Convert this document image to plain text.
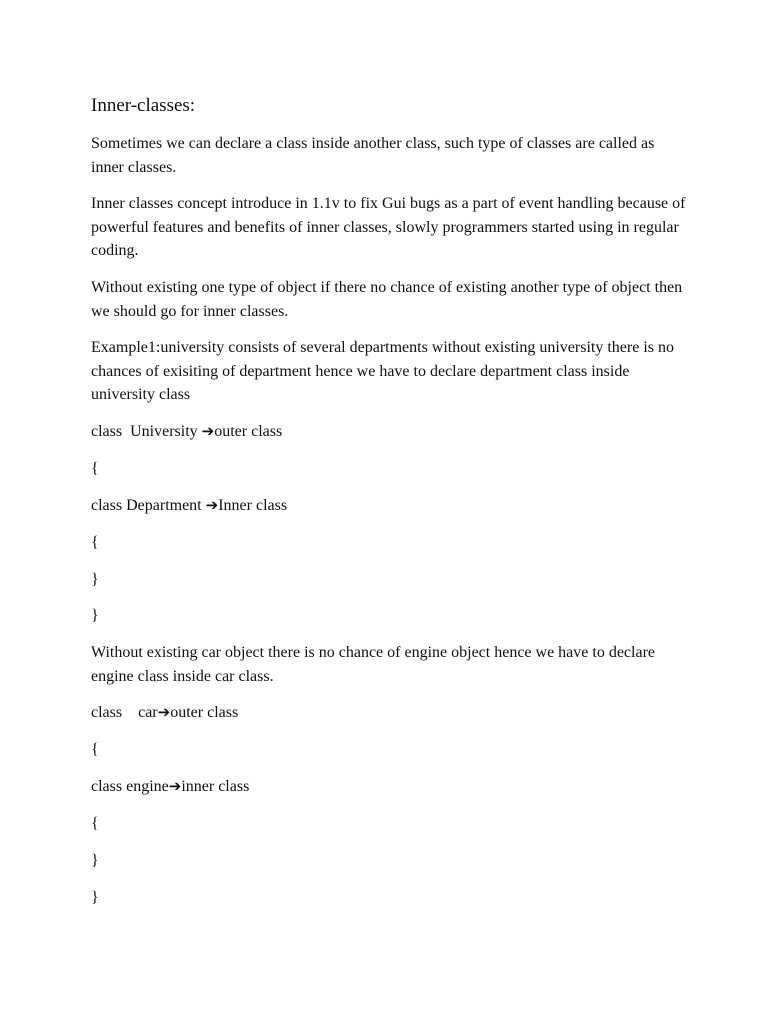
Inner-classes:

Sometimes we can declare a class inside another class, such type of classes are called as inner classes.

Inner classes concept introduce in 1.1v to fix Gui bugs as a part of event handling because of powerful features and benefits of inner classes, slowly programmers started using in regular coding.

Without existing one type of object if there no chance of existing another type of object then we should go for inner classes.

Example1:university consists of several departments without existing university there is no chances of exisiting of department hence we have to declare department class inside university class

class  University ➔outer class
{
class Department ➔Inner class
{
}
}

Without existing car object there is no chance of engine object hence we have to declare engine class inside car class.

class    car➔outer class
{
class engine➔inner class
{
}
}
